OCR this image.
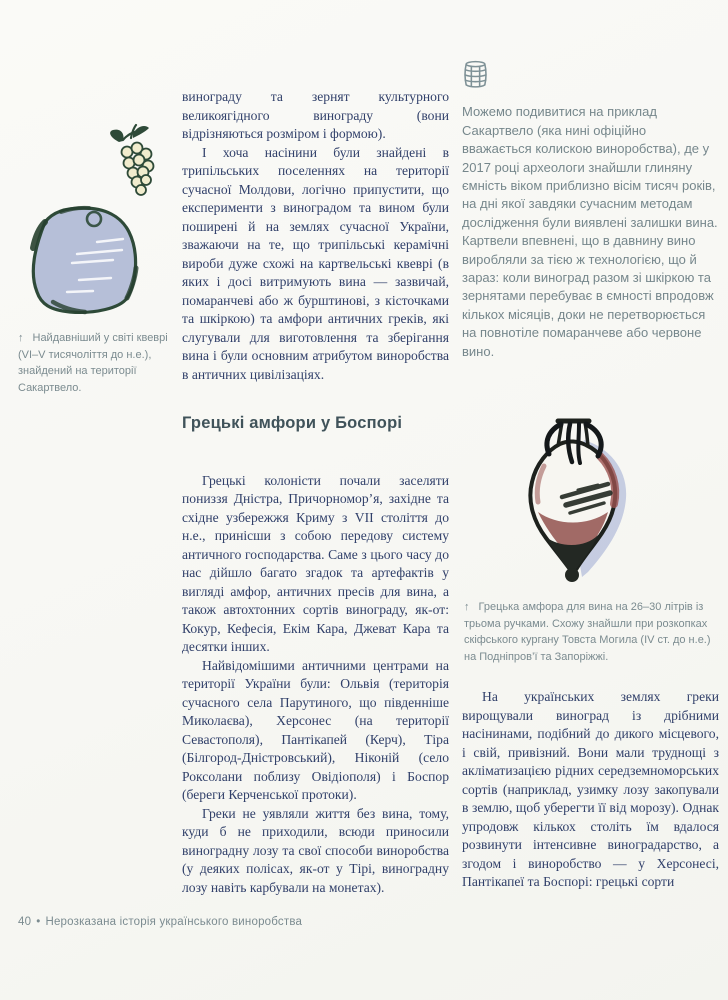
↑ Найдавніший у світі квеврі (VI–V тисячоліття до н.е.), знайдений на території Сакартвело.

винограду та зернят культурного великоягідного винограду (вони відрізняються розміром і формою).

І хоча насінини були знайдені в трипільських поселеннях на території сучасної Молдови, логічно припустити, що експерименти з виноградом та вином були поширені й на землях сучасної України, зважаючи на те, що трипільські керамічні вироби дуже схожі на картвельські квеврі (в яких і досі витримують вина — зазвичай, помаранчеві або ж бурштинові, з кісточками та шкіркою) та амфори античних греків, які слугували для виготовлення та зберігання вина і були основним атрибутом виноробства в античних цивілізаціях.

Грецькі амфори у Боспорі

Грецькі колоністи почали заселяти пониззя Дністра, Причорномор’я, західне та східне узбережжя Криму з VII століття до н.е., принісши з собою передову систему античного господарства. Саме з цього часу до нас дійшло багато згадок та артефактів у вигляді амфор, античних пресів для вина, а також автохтонних сортів винограду, як-от: Кокур, Кефесія, Екім Кара, Джеват Кара та десятки інших.

Найвідомішими античними центрами на території України були: Ольвія (територія сучасного села Парутиного, що південніше Миколаєва), Херсонес (на території Севастополя), Пантікапей (Керч), Тіра (Білгород-Дністровський), Ніконій (село Роксолани поблизу Овідіополя) і Боспор (береги Керченської протоки).

Греки не уявляли життя без вина, тому, куди б не приходили, всюди приносили виноградну лозу та свої способи виноробства (у деяких полісах, як-от у Тірі, виноградну лозу навіть карбували на монетах).

Можемо подивитися на приклад Сакартвело (яка нині офіційно вважається колискою виноробства), де у 2017 році археологи знайшли глиняну ємність віком приблизно вісім тисяч років, на дні якої завдяки сучасним методам дослідження були виявлені залишки вина. Картвели впевнені, що в давнину вино виробляли за тією ж технологією, що й зараз: коли виноград разом зі шкіркою та зернятами перебуває в ємності впродовж кількох місяців, доки не перетворюється на повнотіле помаранчеве або червоне вино.

↑ Грецька амфора для вина на 26–30 літрів із трьома ручками. Схожу знайшли при розкопках скіфського кургану Товста Могила (IV ст. до н.е.) на Подніпров’ї та Запоріжжі.

На українських землях греки вирощували виноград із дрібними насінинами, подібний до дикого місцевого, і свій, привізний. Вони мали труднощі з акліматизацією рідних середземноморських сортів (наприклад, узимку лозу закопували в землю, щоб уберегти її від морозу). Однак упродовж кількох століть їм вдалося розвинути інтенсивне виноградарство, а згодом і виноробство — у Херсонесі, Пантікапеї та Боспорі: грецькі сорти

40 • Нерозказана історія українського виноробства
